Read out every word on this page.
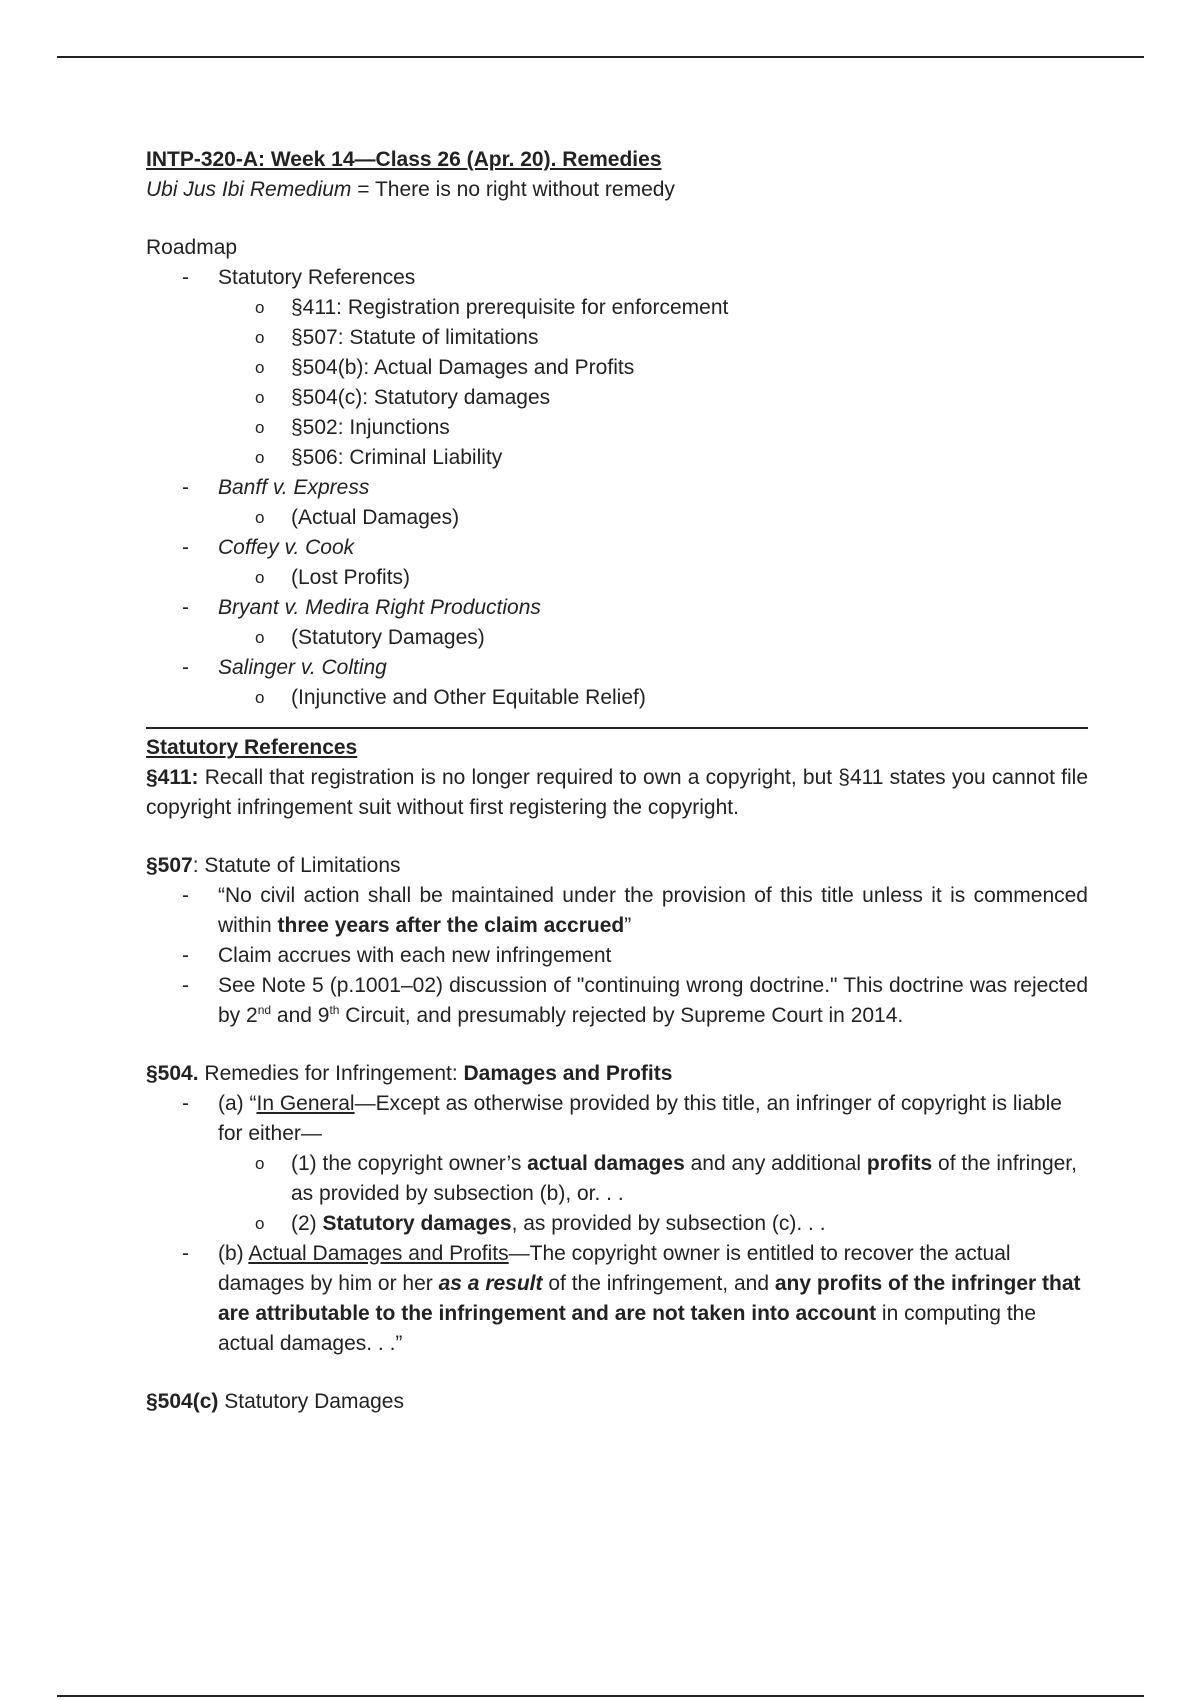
INTP-320-A: Week 14—Class 26 (Apr. 20). Remedies

Ubi Jus Ibi Remedium = There is no right without remedy

Roadmap

- Statutory References
o §411: Registration prerequisite for enforcement
o §507: Statute of limitations
o §504(b): Actual Damages and Profits
o §504(c): Statutory damages
o §502: Injunctions
o §506: Criminal Liability
- Banff v. Express
o (Actual Damages)
- Coffey v. Cook
o (Lost Profits)
- Bryant v. Medira Right Productions
o (Statutory Damages)
- Salinger v. Colting
o (Injunctive and Other Equitable Relief)

Statutory References

§411: Recall that registration is no longer required to own a copyright, but §411 states you cannot file copyright infringement suit without first registering the copyright.

§507: Statute of Limitations

- “No civil action shall be maintained under the provision of this title unless it is commenced within three years after the claim accrued”
- Claim accrues with each new infringement
- See Note 5 (p.1001–02) discussion of "continuing wrong doctrine." This doctrine was rejected by 2nd and 9th Circuit, and presumably rejected by Supreme Court in 2014.

§504. Remedies for Infringement: Damages and Profits

- (a) “In General—Except as otherwise provided by this title, an infringer of copyright is liable for either—
o (1) the copyright owner’s actual damages and any additional profits of the infringer, as provided by subsection (b), or. . .
o (2) Statutory damages, as provided by subsection (c). . .
- (b) Actual Damages and Profits—The copyright owner is entitled to recover the actual damages by him or her as a result of the infringement, and any profits of the infringer that are attributable to the infringement and are not taken into account in computing the actual damages. . .”

§504(c) Statutory Damages
